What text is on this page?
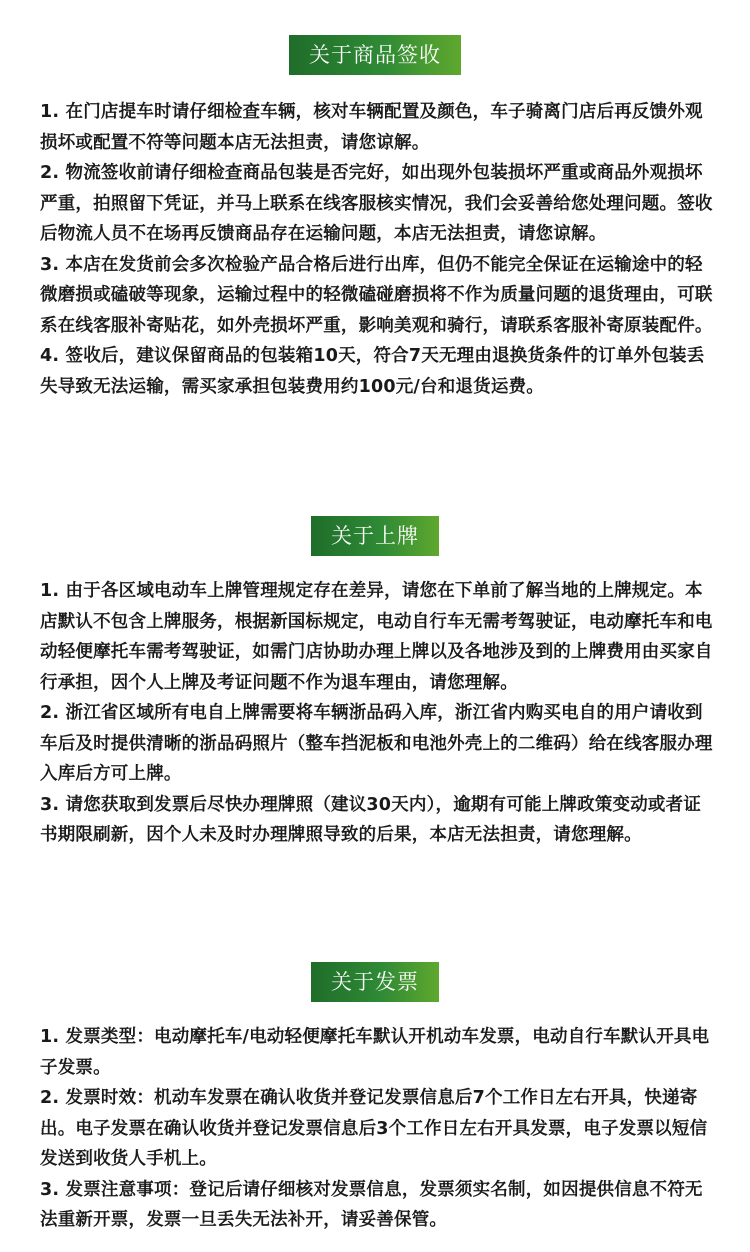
关于商品签收

1. 在门店提车时请仔细检查车辆，核对车辆配置及颜色，车子骑离门店后再反馈外观损坏或配置不符等问题本店无法担责，请您谅解。

2. 物流签收前请仔细检查商品包装是否完好，如出现外包装损坏严重或商品外观损坏严重，拍照留下凭证，并马上联系在线客服核实情况，我们会妥善给您处理问题。签收后物流人员不在场再反馈商品存在运输问题，本店无法担责，请您谅解。

3. 本店在发货前会多次检验产品合格后进行出库，但仍不能完全保证在运输途中的轻微磨损或磕破等现象，运输过程中的轻微磕碰磨损将不作为质量问题的退货理由，可联系在线客服补寄贴花，如外壳损坏严重，影响美观和骑行，请联系客服补寄原装配件。

4. 签收后，建议保留商品的包装箱10天，符合7天无理由退换货条件的订单外包装丢失导致无法运输，需买家承担包装费用约100元/台和退货运费。

关于上牌

1. 由于各区域电动车上牌管理规定存在差异，请您在下单前了解当地的上牌规定。本店默认不包含上牌服务，根据新国标规定，电动自行车无需考驾驶证，电动摩托车和电动轻便摩托车需考驾驶证，如需门店协助办理上牌以及各地涉及到的上牌费用由买家自行承担，因个人上牌及考证问题不作为退车理由，请您理解。

2. 浙江省区域所有电自上牌需要将车辆浙品码入库，浙江省内购买电自的用户请收到车后及时提供清晰的浙品码照片（整车挡泥板和电池外壳上的二维码）给在线客服办理入库后方可上牌。

3. 请您获取到发票后尽快办理牌照（建议30天内），逾期有可能上牌政策变动或者证书期限刷新，因个人未及时办理牌照导致的后果，本店无法担责，请您理解。

关于发票

1. 发票类型：电动摩托车/电动轻便摩托车默认开机动车发票，电动自行车默认开具电子发票。

2. 发票时效：机动车发票在确认收货并登记发票信息后7个工作日左右开具，快递寄出。电子发票在确认收货并登记发票信息后3个工作日左右开具发票，电子发票以短信发送到收货人手机上。

3. 发票注意事项：登记后请仔细核对发票信息，发票须实名制，如因提供信息不符无法重新开票，发票一旦丢失无法补开，请妥善保管。
